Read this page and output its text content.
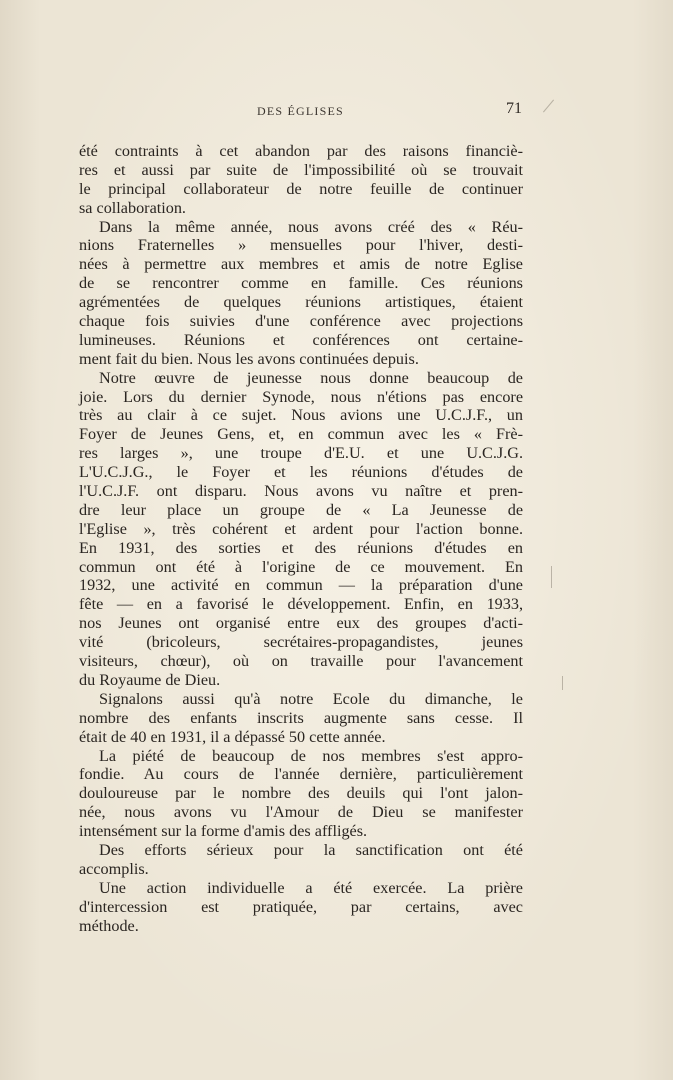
DES ÉGLISES	71
été contraints à cet abandon par des raisons financiè-
res et aussi par suite de l'impossibilité où se trouvait
le principal collaborateur de notre feuille de continuer
sa collaboration.
Dans la même année, nous avons créé des « Réu-
nions Fraternelles » mensuelles pour l'hiver, desti-
nées à permettre aux membres et amis de notre Eglise
de se rencontrer comme en famille. Ces réunions
agrémentées de quelques réunions artistiques, étaient
chaque fois suivies d'une conférence avec projections
lumineuses. Réunions et conférences ont certaine-
ment fait du bien. Nous les avons continuées depuis.
Notre œuvre de jeunesse nous donne beaucoup de
joie. Lors du dernier Synode, nous n'étions pas encore
très au clair à ce sujet. Nous avions une U.C.J.F., un
Foyer de Jeunes Gens, et, en commun avec les « Frè-
res larges », une troupe d'E.U. et une U.C.J.G.
L'U.C.J.G., le Foyer et les réunions d'études de
l'U.C.J.F. ont disparu. Nous avons vu naître et pren-
dre leur place un groupe de « La Jeunesse de
l'Eglise », très cohérent et ardent pour l'action bonne.
En 1931, des sorties et des réunions d'études en
commun ont été à l'origine de ce mouvement. En
1932, une activité en commun — la préparation d'une
fête — en a favorisé le développement. Enfin, en 1933,
nos Jeunes ont organisé entre eux des groupes d'acti-
vité (bricoleurs, secrétaires-propagandistes, jeunes
visiteurs, chœur), où on travaille pour l'avancement
du Royaume de Dieu.
Signalons aussi qu'à notre Ecole du dimanche, le
nombre des enfants inscrits augmente sans cesse. Il
était de 40 en 1931, il a dépassé 50 cette année.
La piété de beaucoup de nos membres s'est appro-
fondie. Au cours de l'année dernière, particulièrement
douloureuse par le nombre des deuils qui l'ont jalon-
née, nous avons vu l'Amour de Dieu se manifester
intensément sur la forme d'amis des affligés.
Des efforts sérieux pour la sanctification ont été
accomplis.
Une action individuelle a été exercée. La prière
d'intercession est pratiquée, par certains, avec
méthode.
